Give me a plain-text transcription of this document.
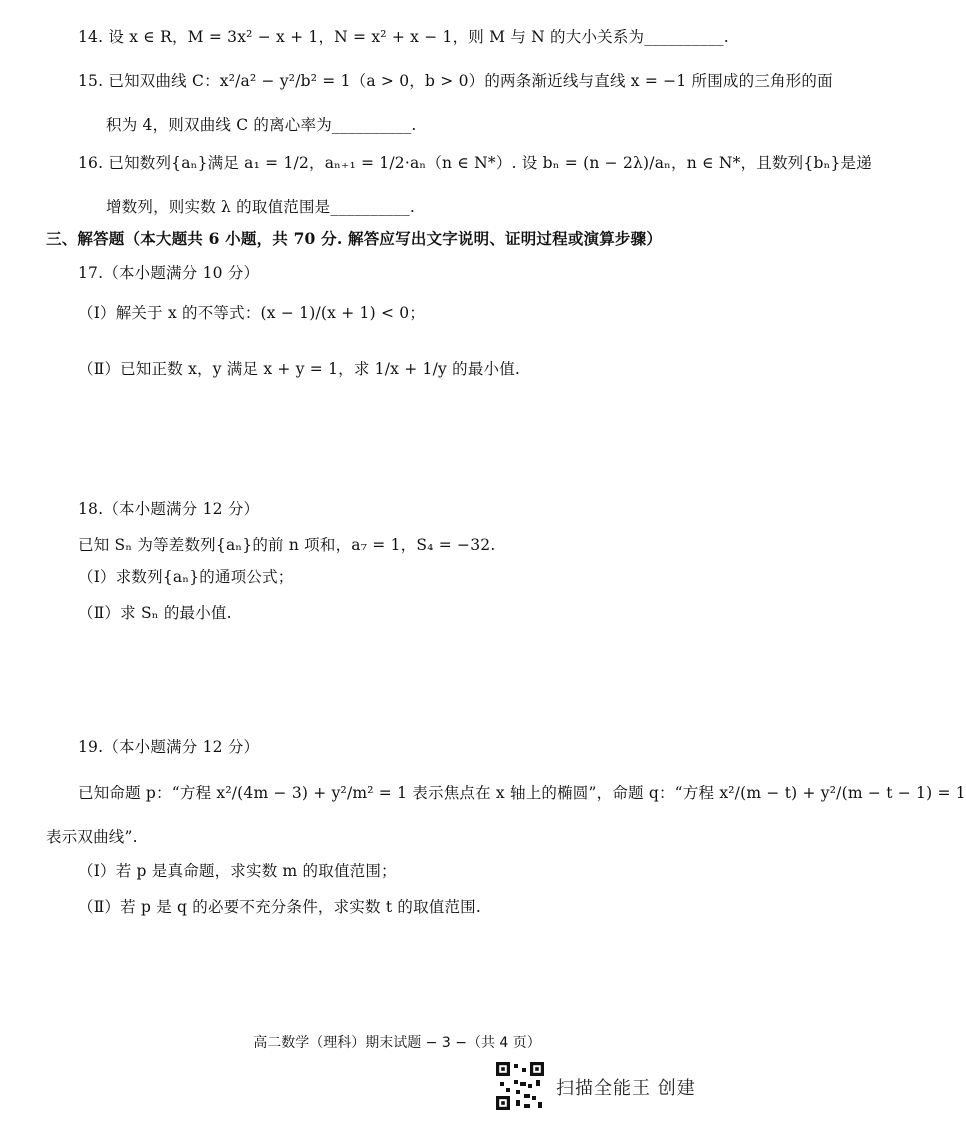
14. 设 x ∈ R，M = 3x² − x + 1，N = x² + x − 1，则 M 与 N 的大小关系为__________.
15. 已知双曲线 C：x²/a² − y²/b² = 1（a > 0，b > 0）的两条渐近线与直线 x = −1 所围成的三角形的面
积为 4，则双曲线 C 的离心率为__________.
16. 已知数列{aₙ}满足 a₁ = 1/2，aₙ₊₁ = 1/2·aₙ（n ∈ N*）. 设 bₙ = (n − 2λ)/aₙ，n ∈ N*，且数列{bₙ}是递
增数列，则实数 λ 的取值范围是__________.
三、解答题（本大题共 6 小题，共 70 分. 解答应写出文字说明、证明过程或演算步骤）
17.（本小题满分 10 分）
（Ⅰ）解关于 x 的不等式：(x − 1)/(x + 1) < 0；
（Ⅱ）已知正数 x，y 满足 x + y = 1，求 1/x + 1/y 的最小值.
18.（本小题满分 12 分）
已知 Sₙ 为等差数列{aₙ}的前 n 项和，a₇ = 1，S₄ = −32.
（Ⅰ）求数列{aₙ}的通项公式；
（Ⅱ）求 Sₙ 的最小值.
19.（本小题满分 12 分）
已知命题 p：“方程 x²/(4m − 3) + y²/m² = 1 表示焦点在 x 轴上的椭圆”，命题 q：“方程 x²/(m − t) + y²/(m − t − 1) = 1
表示双曲线”.
（Ⅰ）若 p 是真命题，求实数 m 的取值范围；
（Ⅱ）若 p 是 q 的必要不充分条件，求实数 t 的取值范围.
高二数学（理科）期末试题 − 3 −（共 4 页）
扫描全能王 创建
